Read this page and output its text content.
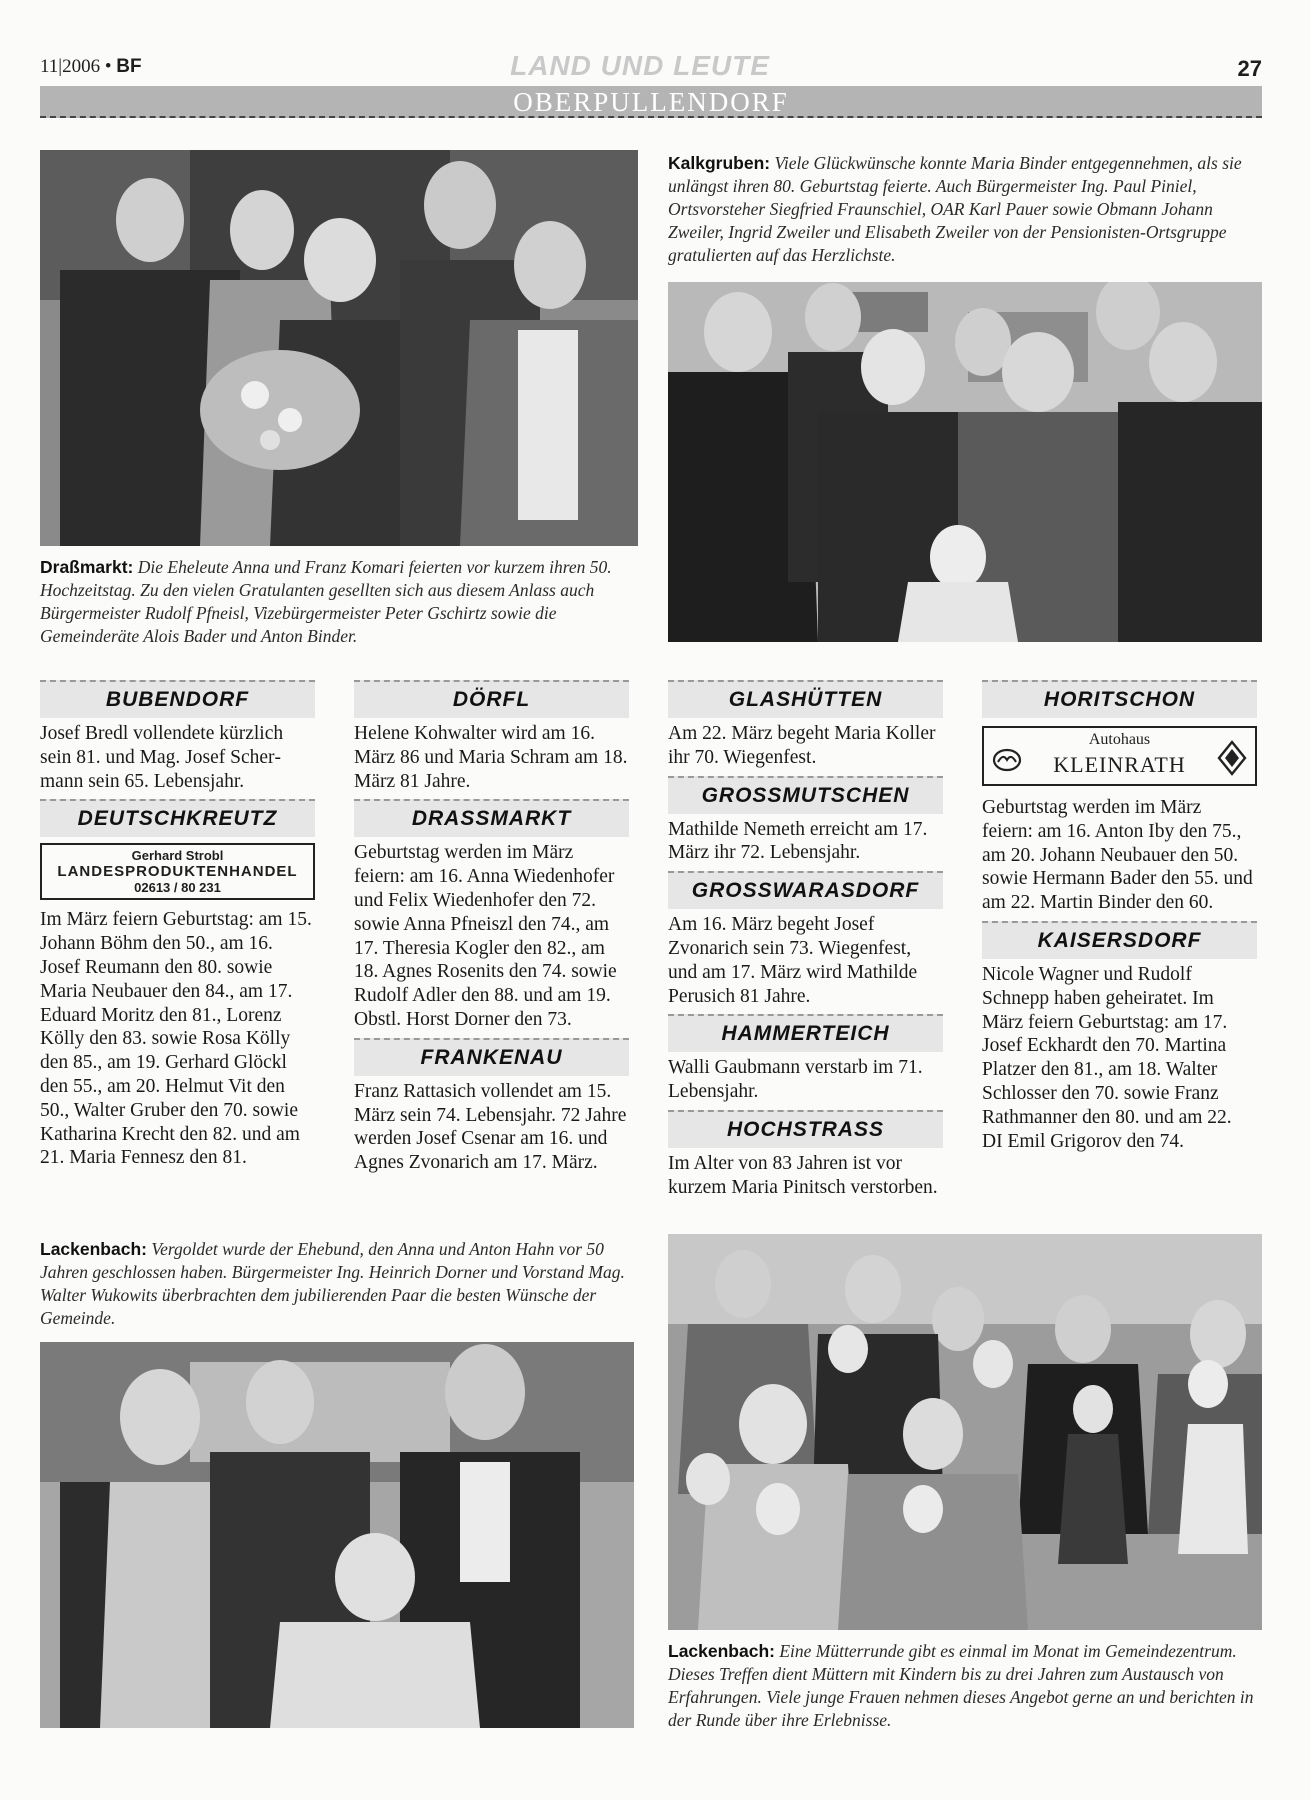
11|2006 • BF	LAND UND LEUTE	27
OBERPULLENDORF
Draßmarkt: Die Eheleute Anna und Franz Komari feierten vor kurzem ihren 50. Hochzeitstag. Zu den vielen Gratulanten gesellten sich aus diesem Anlass auch Bürgermeister Rudolf Pfneisl, Vizebürgermeister Peter Gschirtz sowie die Gemeinderäte Alois Bader und Anton Binder.
Kalkgruben: Viele Glückwünsche konnte Maria Binder entgegennehmen, als sie unlängst ihren 80. Geburtstag feierte. Auch Bürgermeister Ing. Paul Piniel, Ortsvorsteher Siegfried Fraunschiel, OAR Karl Pauer sowie Obmann Johann Zweiler, Ingrid Zweiler und Elisabeth Zweiler von der Pensionisten-Ortsgruppe gratulierten auf das Herzlichste.
BUBENDORF

Josef Bredl vollendete kürzlich sein 81. und Mag. Josef Schermann sein 65. Lebensjahr.

DEUTSCHKREUTZ
Gerhard Strobl
LANDESPRODUKTENHANDEL
02613 / 80 231

Im März feiern Geburtstag: am 15. Johann Böhm den 50., am 16. Josef Reumann den 80. sowie Maria Neubauer den 84., am 17. Eduard Moritz den 81., Lorenz Kölly den 83. sowie Rosa Kölly den 85., am 19. Gerhard Glöckl den 55., am 20. Helmut Vit den 50., Walter Gruber den 70. sowie Katharina Krecht den 82. und am 21. Maria Fennesz den 81.

DÖRFL

Helene Kohwalter wird am 16. März 86 und Maria Schram am 18. März 81 Jahre.

DRASSMARKT

Geburtstag werden im März feiern: am 16. Anna Wiedenhofer und Felix Wiedenhofer den 72. sowie Anna Pfneiszl den 74., am 17. Theresia Kogler den 82., am 18. Agnes Rosenits den 74. sowie Rudolf Adler den 88. und am 19. Obstl. Horst Dorner den 73.

FRANKENAU

Franz Rattasich vollendet am 15. März sein 74. Lebensjahr. 72 Jahre werden Josef Csenar am 16. und Agnes Zvonarich am 17. März.

GLASHÜTTEN

Am 22. März begeht Maria Koller ihr 70. Wiegenfest.

GROSSMUTSCHEN

Mathilde Nemeth erreicht am 17. März ihr 72. Lebensjahr.

GROSSWARASDORF

Am 16. März begeht Josef Zvonarich sein 73. Wiegenfest, und am 17. März wird Mathilde Perusich 81 Jahre.

HAMMERTEICH

Walli Gaubmann verstarb im 71. Lebensjahr.

HOCHSTRASS

Im Alter von 83 Jahren ist vor kurzem Maria Pinitsch verstorben.

HORITSCHON
Autohaus
KLEINRATH

Geburtstag werden im März feiern: am 16. Anton Iby den 75., am 20. Johann Neubauer den 50. sowie Hermann Bader den 55. und am 22. Martin Binder den 60.

KAISERSDORF

Nicole Wagner und Rudolf Schnepp haben geheiratet. Im März feiern Geburtstag: am 17. Josef Eckhardt den 70. Martina Platzer den 81., am 18. Walter Schlosser den 70. sowie Franz Rathmanner den 80. und am 22. DI Emil Grigorov den 74.

Lackenbach: Vergoldet wurde der Ehebund, den Anna und Anton Hahn vor 50 Jahren geschlossen haben. Bürgermeister Ing. Heinrich Dorner und Vorstand Mag. Walter Wukowits überbrachten dem jubilierenden Paar die besten Wünsche der Gemeinde.
Lackenbach: Eine Mütterrunde gibt es einmal im Monat im Gemeindezentrum. Dieses Treffen dient Müttern mit Kindern bis zu drei Jahren zum Austausch von Erfahrungen. Viele junge Frauen nehmen dieses Angebot gerne an und berichten in der Runde über ihre Erlebnisse.
